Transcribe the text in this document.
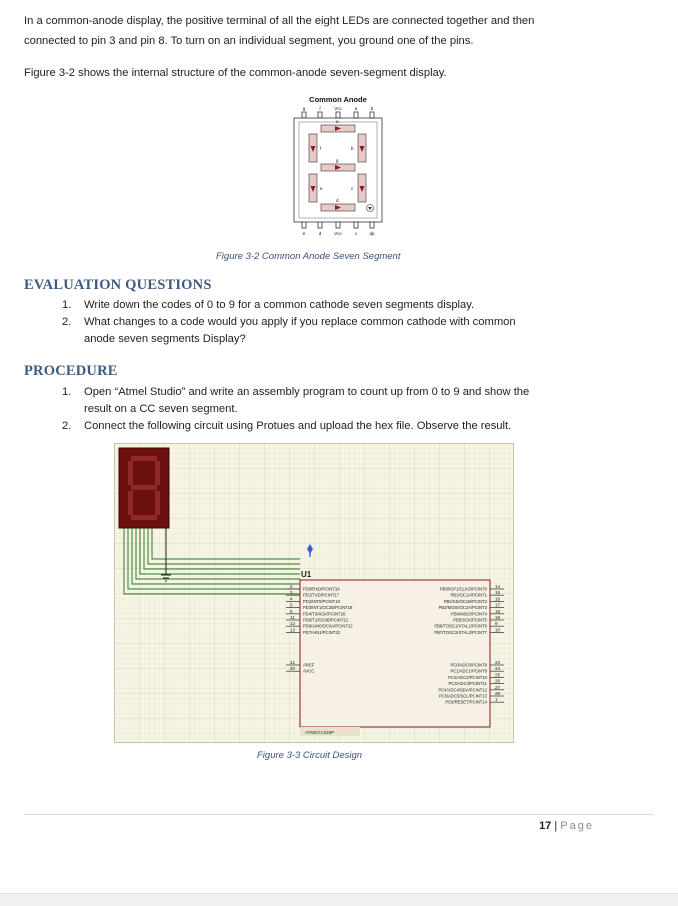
In a common-anode display, the positive terminal of all the eight LEDs are connected together and then
connected to pin 3 and pin 8. To turn on an individual segment, you ground one of the pins.
Figure 3-2 shows the internal structure of the common-anode seven-segment display.
Common Anode
g	f	Vcc	a	b
a
b
c
d
e
f
g
e	d	Vcc	c	dp
Figure 3-2 Common Anode Seven Segment
EVALUATION QUESTIONS
1. Write down the codes of 0 to 9 for a common cathode seven segments display.
2. What changes to a code would you apply if you replace common cathode with common
anode seven segments Display?
PROCEDURE
1. Open “Atmel Studio” and write an assembly program to count up from 0 to 9 and show the
result on a CC seven segment.
2. Connect the following circuit using Protues and upload the hex file. Observe the result.
U1
PD0/RXD/PCINT16
PD1/TXD/PCINT17
PD2/INT0/PCINT18
PD3/INT1/OC2B/PCINT19
PD4/T0/XCK/PCINT20
PD5/T1/OC0B/PCINT21
PD6/AIN0/OC0A/PCINT22
PD7/AIN1/PCINT23
AREF
AVCC
PB0/ICP1/CLKO/PCINT0
PB1/OC1A/PCINT1
PB2/SS/OC1B/PCINT2
PB3/MOSI/OC2A/PCINT3
PB4/MISO/PCINT4
PB5/SCK/PCINT5
PB6/TOSC1/XTAL1/PCINT6
PB7/TOSC2/XTAL2/PCINT7
PC0/ADC0/PCINT8
PC1/ADC1/PCINT9
PC2/ADC2/PCINT10
PC3/ADC3/PCINT11
PC4/ADC4/SDA/PCINT12
PC5/ADC5/SCL/PCINT13
PC6/RESET/PCINT14
2
3
4
5
6
11
12
13
21
20
14
15
16
17
18
19
9
10
23
24
25
26
27
28
1
ATMEGA328P
Figure 3-3 Circuit Design
17 | Page
